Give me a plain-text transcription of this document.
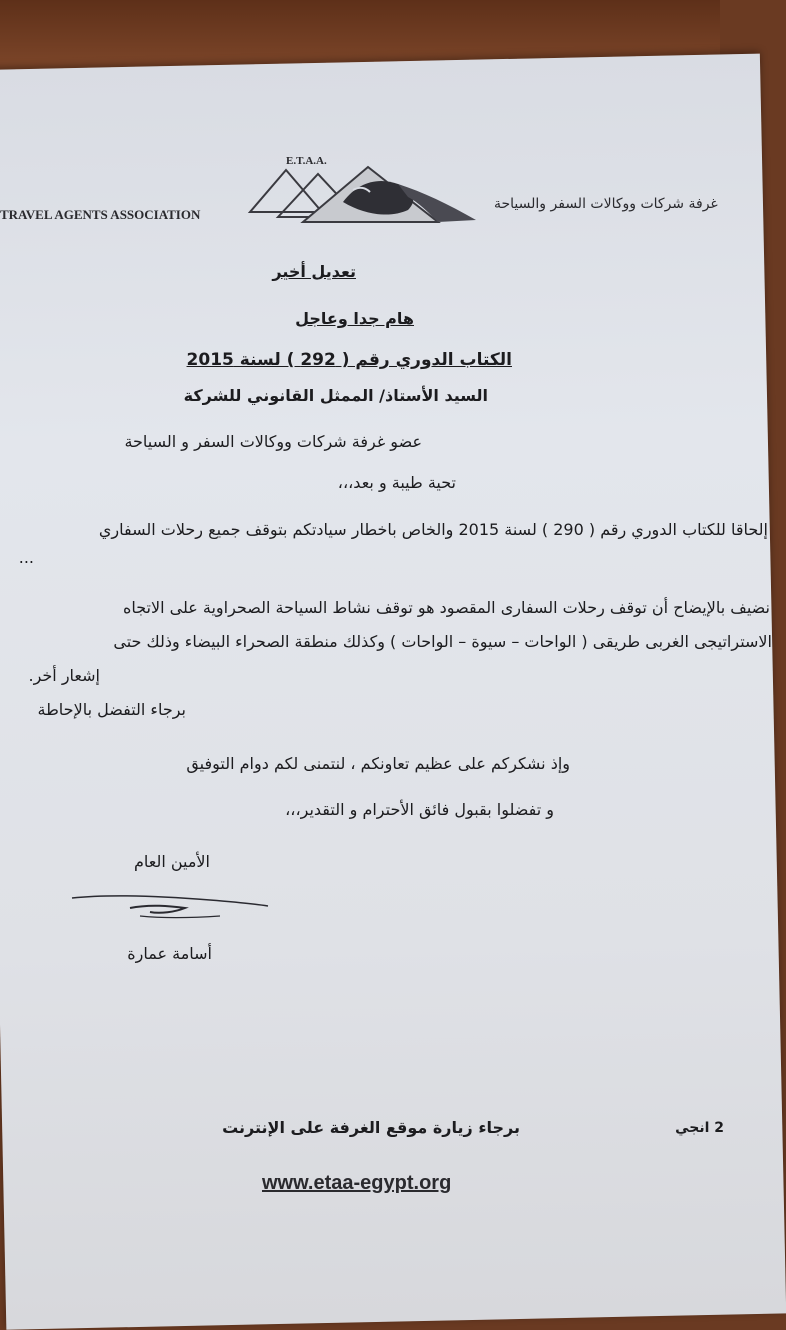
E.T.A.A.
TRAVEL AGENTS ASSOCIATION
غرفة شركات ووكالات السفر والسياحة
تعديل أخير
هام جدا وعاجل
الكتاب الدوري رقم ( 292 ) لسنة 2015
السيد الأستاذ/ الممثل القانوني للشركة
عضو غرفة شركات ووكالات السفر و السياحة
تحية طيبة و بعد،،،
إلحاقا للكتاب الدوري رقم ( 290 ) لسنة 2015 والخاص باخطار سيادتكم بتوقف جميع رحلات السفاري
...
نضيف بالإيضاح أن توقف رحلات السفارى المقصود هو توقف نشاط السياحة الصحراوية على الاتجاه
الاستراتيجى الغربى طريقى ( الواحات – سيوة – الواحات ) وكذلك منطقة الصحراء البيضاء وذلك حتى
إشعار أخر.
برجاء التفضل بالإحاطة
وإذ نشكركم على عظيم تعاونكم ، لنتمنى لكم دوام التوفيق
و تفضلوا بقبول فائق الأحترام و التقدير،،،
الأمين العام
أسامة عمارة
برجاء زيارة موقع الغرفة على الإنترنت	2 انجي
www.etaa-egypt.org
